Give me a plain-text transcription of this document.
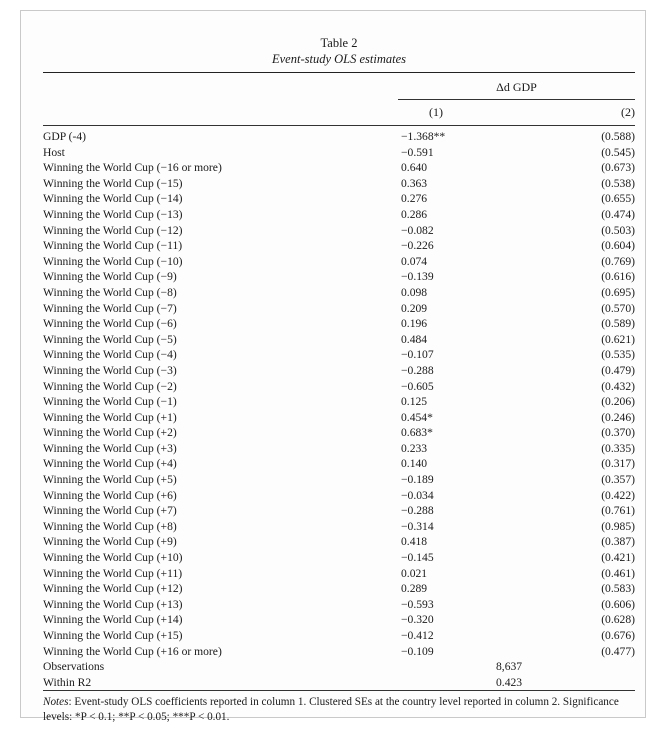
Table 2
Event-study OLS estimates
Δd GDP
(1)	(2)
GDP (-4)	−1.368**	(0.588)
Host	−0.591	(0.545)
Winning the World Cup (−16 or more)	0.640	(0.673)
Winning the World Cup (−15)	0.363	(0.538)
Winning the World Cup (−14)	0.276	(0.655)
Winning the World Cup (−13)	0.286	(0.474)
Winning the World Cup (−12)	−0.082	(0.503)
Winning the World Cup (−11)	−0.226	(0.604)
Winning the World Cup (−10)	0.074	(0.769)
Winning the World Cup (−9)	−0.139	(0.616)
Winning the World Cup (−8)	0.098	(0.695)
Winning the World Cup (−7)	0.209	(0.570)
Winning the World Cup (−6)	0.196	(0.589)
Winning the World Cup (−5)	0.484	(0.621)
Winning the World Cup (−4)	−0.107	(0.535)
Winning the World Cup (−3)	−0.288	(0.479)
Winning the World Cup (−2)	−0.605	(0.432)
Winning the World Cup (−1)	0.125	(0.206)
Winning the World Cup (+1)	0.454*	(0.246)
Winning the World Cup (+2)	0.683*	(0.370)
Winning the World Cup (+3)	0.233	(0.335)
Winning the World Cup (+4)	0.140	(0.317)
Winning the World Cup (+5)	−0.189	(0.357)
Winning the World Cup (+6)	−0.034	(0.422)
Winning the World Cup (+7)	−0.288	(0.761)
Winning the World Cup (+8)	−0.314	(0.985)
Winning the World Cup (+9)	0.418	(0.387)
Winning the World Cup (+10)	−0.145	(0.421)
Winning the World Cup (+11)	0.021	(0.461)
Winning the World Cup (+12)	0.289	(0.583)
Winning the World Cup (+13)	−0.593	(0.606)
Winning the World Cup (+14)	−0.320	(0.628)
Winning the World Cup (+15)	−0.412	(0.676)
Winning the World Cup (+16 or more)	−0.109	(0.477)
Observations	8,637
Within R2	0.423
Notes: Event-study OLS coefficients reported in column 1. Clustered SEs at the country level reported in column 2. Significance levels: *P < 0.1; **P < 0.05; ***P < 0.01.
